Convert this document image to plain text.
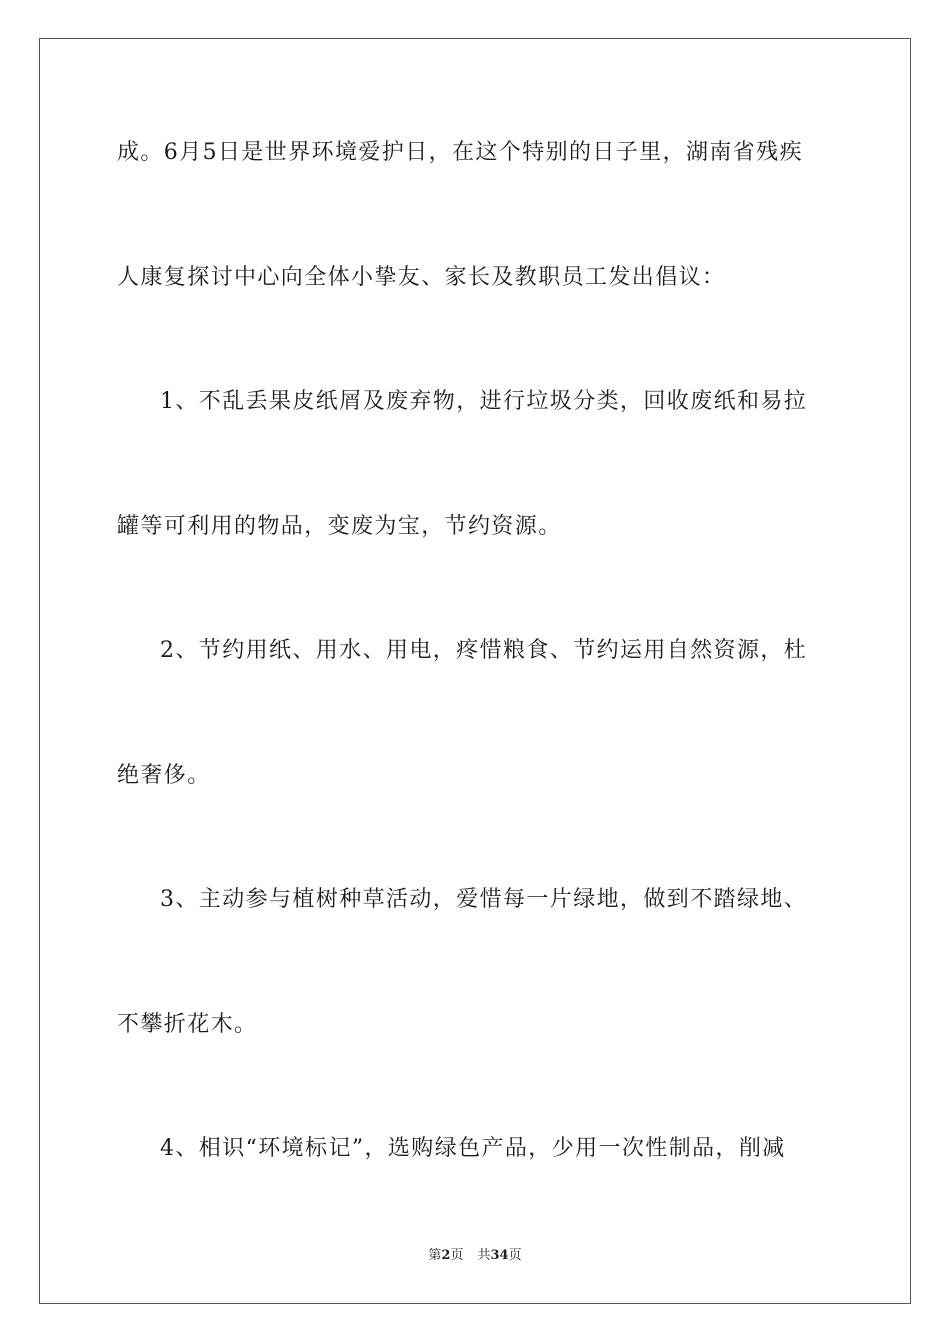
成。6月5日是世界环境爱护日，在这个特别的日子里，湖南省残疾
人康复探讨中心向全体小挚友、家长及教职员工发出倡议：
1、不乱丢果皮纸屑及废弃物，进行垃圾分类，回收废纸和易拉
罐等可利用的物品，变废为宝，节约资源。
2、节约用纸、用水、用电，疼惜粮食、节约运用自然资源，杜
绝奢侈。
3、主动参与植树种草活动，爱惜每一片绿地，做到不踏绿地、
不攀折花木。
4、相识“环境标记”，选购绿色产品，少用一次性制品，削减
第2页 共34页
